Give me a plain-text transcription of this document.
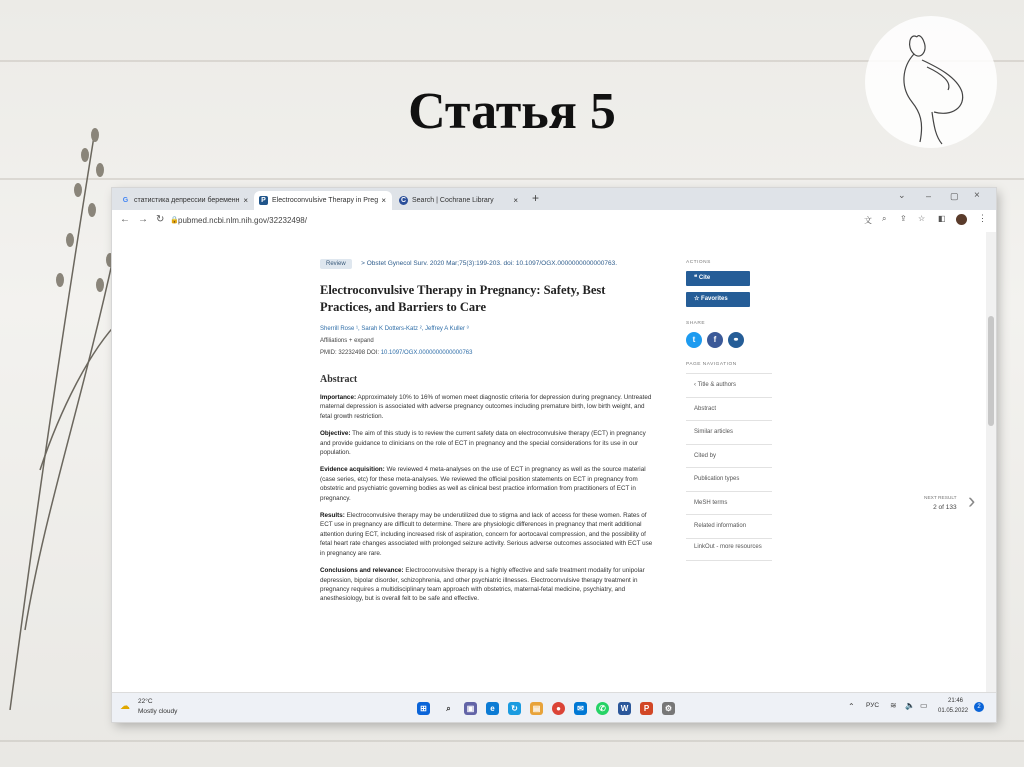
Статья 5
G статистика депрессии беременн ×	P Electroconvulsive Therapy in Preg × C Search | Cochrane Library × +	⌄ – ▢ ×
← → ↻ 🔒 pubmed.ncbi.nlm.nih.gov/32232498/	文 ⌕ ⇪ ☆ ◧	⋮
Review > Obstet Gynecol Surv. 2020 Mar;75(3):199-203. doi: 10.1097/OGX.0000000000000763.
Electroconvulsive Therapy in Pregnancy: Safety, Best Practices, and Barriers to Care
Sherrill Rose ¹, Sarah K Dotters-Katz ², Jeffrey A Kuller ³
Affiliations + expand
PMID: 32232498 DOI: 10.1097/OGX.0000000000000763
Abstract
Importance: Approximately 10% to 16% of women meet diagnostic criteria for depression during pregnancy. Untreated maternal depression is associated with adverse pregnancy outcomes including premature birth, low birth weight, and fetal growth restriction.
Objective: The aim of this study is to review the current safety data on electroconvulsive therapy (ECT) in pregnancy and provide guidance to clinicians on the role of ECT in pregnancy and the special considerations for its use in our population.
Evidence acquisition: We reviewed 4 meta-analyses on the use of ECT in pregnancy as well as the source material (case series, etc) for these meta-analyses. We reviewed the official position statements on ECT in pregnancy from obstetric and psychiatric governing bodies as well as clinical best practice information from practitioners of ECT in pregnancy.
Results: Electroconvulsive therapy may be underutilized due to stigma and lack of access for these women. Rates of ECT use in pregnancy are difficult to determine. There are physiologic differences in pregnancy that merit additional attention during ECT, including increased risk of aspiration, concern for aortocaval compression, and the possibility of fetal heart rate changes associated with prolonged seizure activity. Serious adverse outcomes associated with ECT use in pregnancy are rare.
Conclusions and relevance: Electroconvulsive therapy is a highly effective and safe treatment modality for unipolar depression, bipolar disorder, schizophrenia, and other psychiatric illnesses. Electroconvulsive therapy treatment in pregnancy requires a multidisciplinary team approach with obstetrics, maternal-fetal medicine, psychiatry, and anesthesiology, but is overall felt to be safe and effective.
ACTIONS
❝ Cite
☆ Favorites
SHARE
t	f	⚭
PAGE NAVIGATION
‹ Title & authors
Abstract
Similar articles
Cited by
Publication types
MeSH terms
Related information
LinkOut - more resources
NEXT RESULT
2 of 133 ›
☁ 22°C
Mostly cloudy	⊞	⌕	▣	e	↻	▤	●	✉	✆	W	P	⚙	⌃ РУС ≋ 🔈 ▭	21:46
01.05.2022
2
